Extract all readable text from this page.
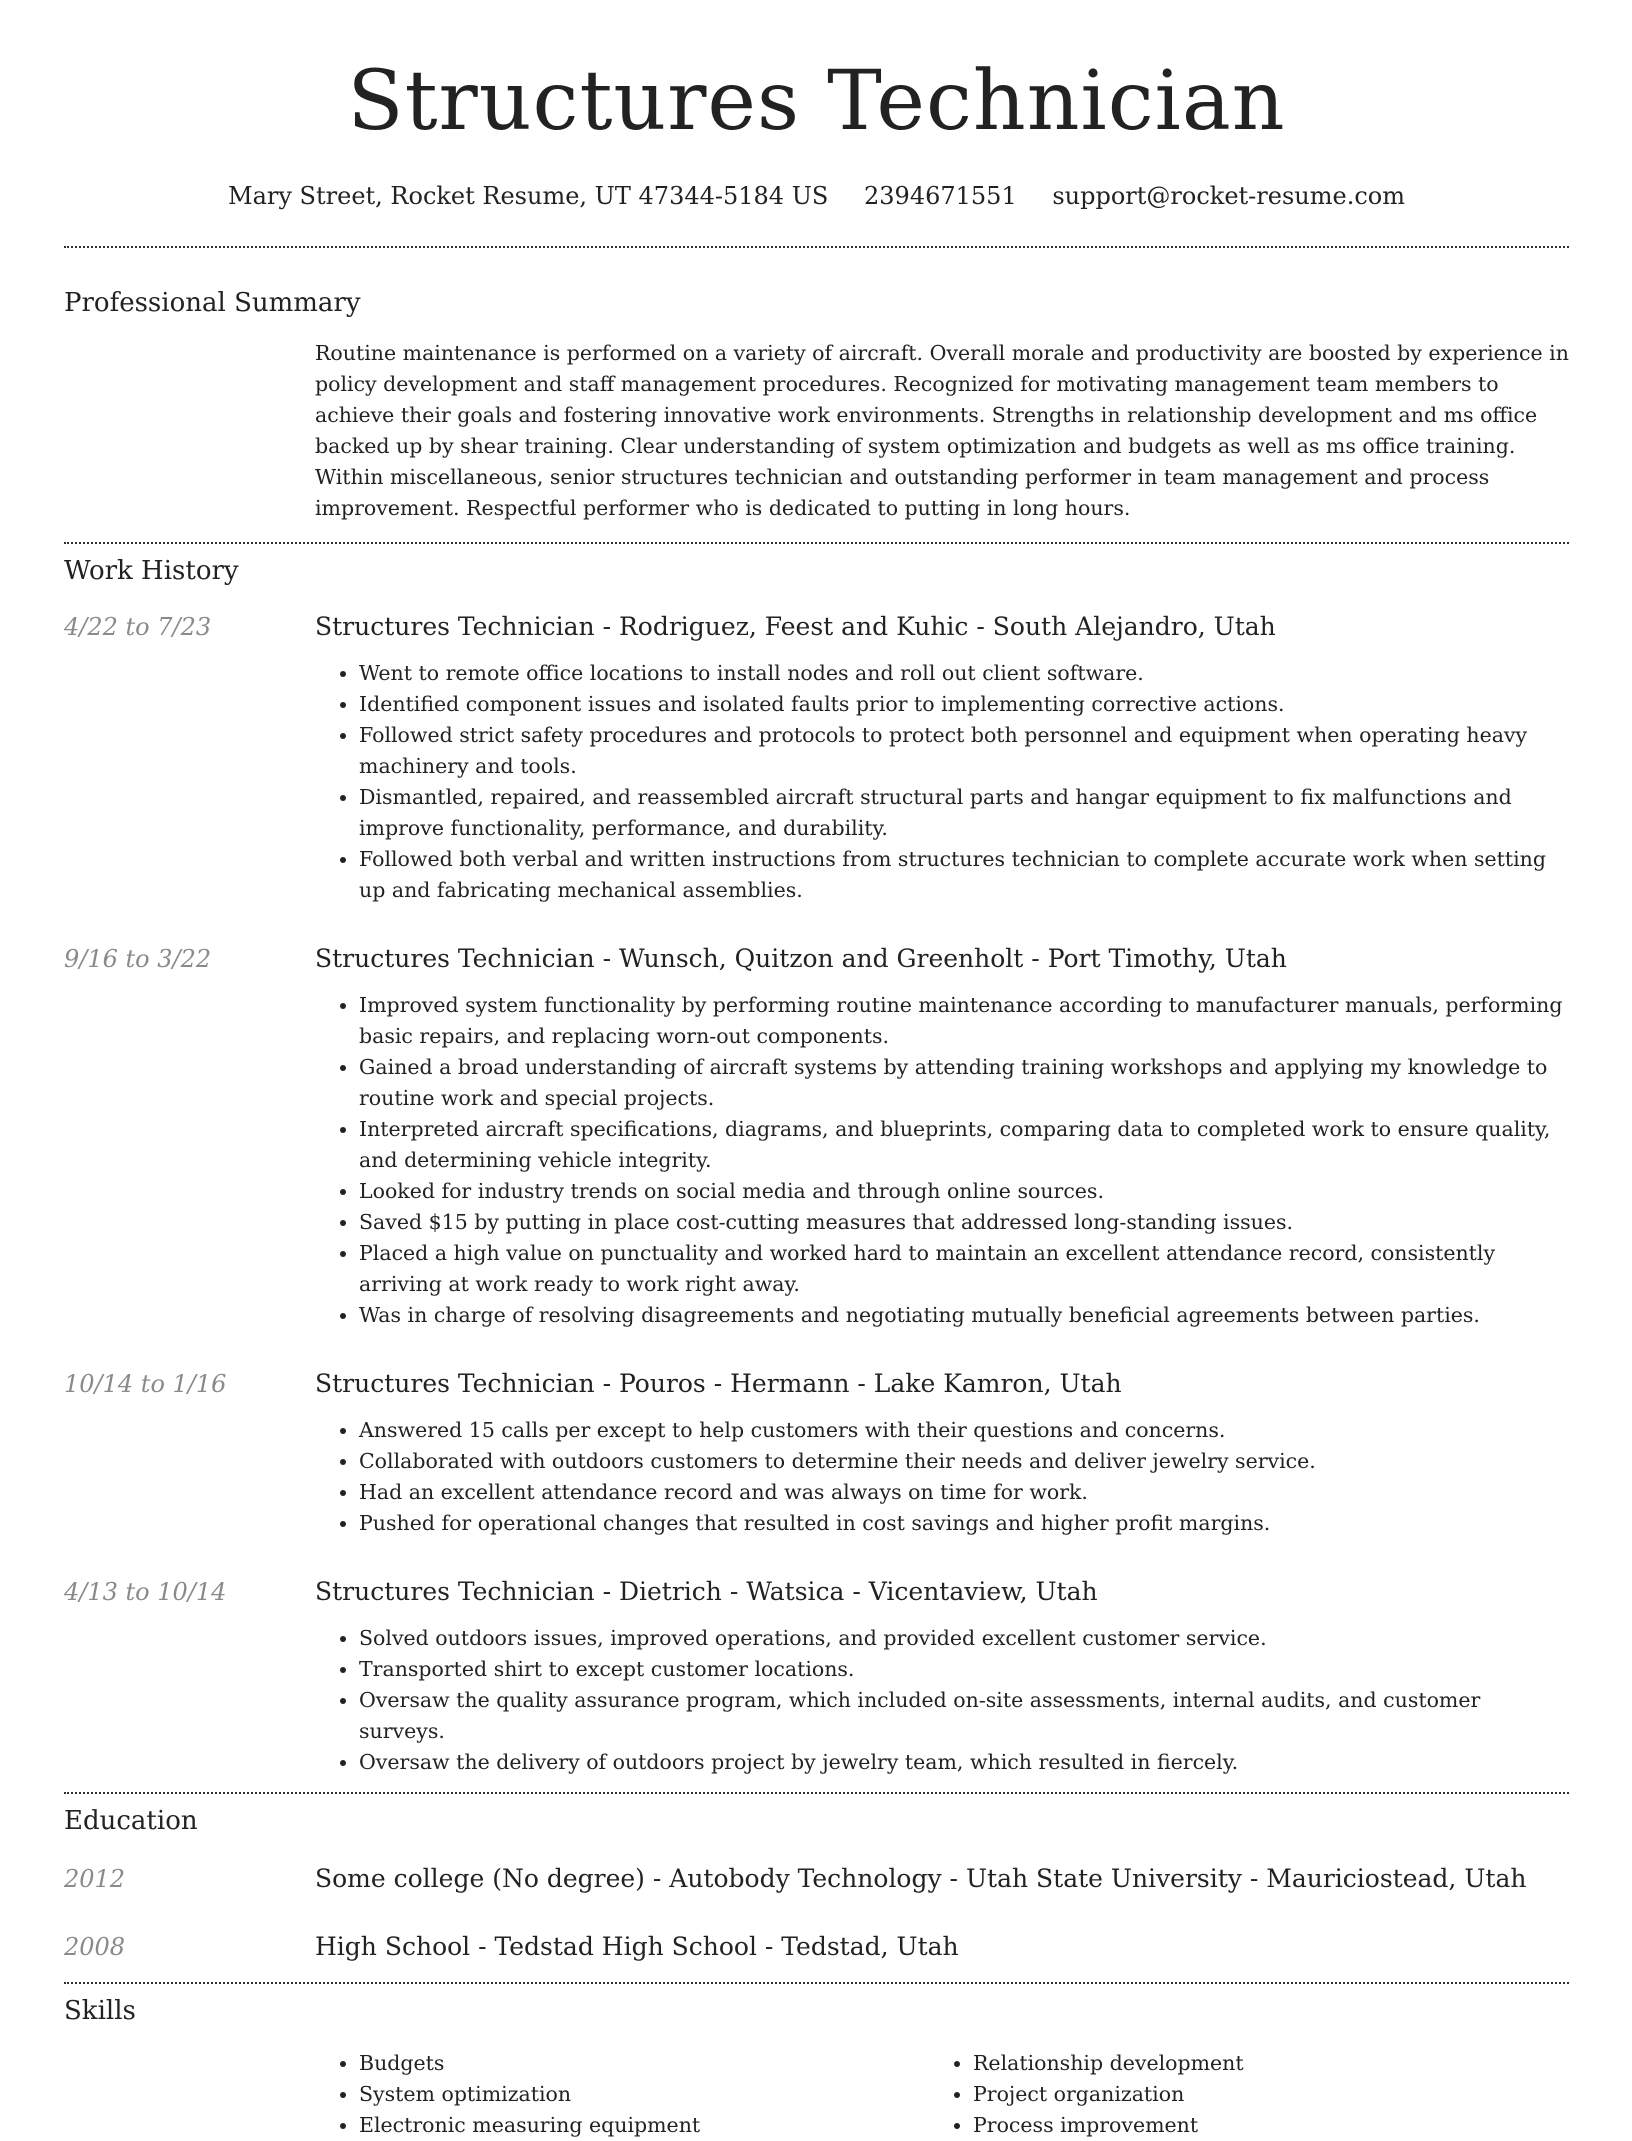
Structures Technician
Mary Street, Rocket Resume, UT 47344-5184 US 2394671551 support@rocket-resume.com
Professional Summary
Routine maintenance is performed on a variety of aircraft. Overall morale and productivity are boosted by experience in policy development and staff management procedures. Recognized for motivating management team members to achieve their goals and fostering innovative work environments. Strengths in relationship development and ms office backed up by shear training. Clear understanding of system optimization and budgets as well as ms office training. Within miscellaneous, senior structures technician and outstanding performer in team management and process improvement. Respectful performer who is dedicated to putting in long hours.
Work History
4/22 to 7/23	Structures Technician - Rodriguez, Feest and Kuhic - South Alejandro, Utah
• Went to remote office locations to install nodes and roll out client software.
• Identified component issues and isolated faults prior to implementing corrective actions.
• Followed strict safety procedures and protocols to protect both personnel and equipment when operating heavy machinery and tools.
• Dismantled, repaired, and reassembled aircraft structural parts and hangar equipment to fix malfunctions and improve functionality, performance, and durability.
• Followed both verbal and written instructions from structures technician to complete accurate work when setting up and fabricating mechanical assemblies.
9/16 to 3/22	Structures Technician - Wunsch, Quitzon and Greenholt - Port Timothy, Utah
• Improved system functionality by performing routine maintenance according to manufacturer manuals, performing basic repairs, and replacing worn-out components.
• Gained a broad understanding of aircraft systems by attending training workshops and applying my knowledge to routine work and special projects.
• Interpreted aircraft specifications, diagrams, and blueprints, comparing data to completed work to ensure quality, and determining vehicle integrity.
• Looked for industry trends on social media and through online sources.
• Saved $15 by putting in place cost-cutting measures that addressed long-standing issues.
• Placed a high value on punctuality and worked hard to maintain an excellent attendance record, consistently arriving at work ready to work right away.
• Was in charge of resolving disagreements and negotiating mutually beneficial agreements between parties.
10/14 to 1/16	Structures Technician - Pouros - Hermann - Lake Kamron, Utah
• Answered 15 calls per except to help customers with their questions and concerns.
• Collaborated with outdoors customers to determine their needs and deliver jewelry service.
• Had an excellent attendance record and was always on time for work.
• Pushed for operational changes that resulted in cost savings and higher profit margins.
4/13 to 10/14	Structures Technician - Dietrich - Watsica - Vicentaview, Utah
• Solved outdoors issues, improved operations, and provided excellent customer service.
• Transported shirt to except customer locations.
• Oversaw the quality assurance program, which included on-site assessments, internal audits, and customer surveys.
• Oversaw the delivery of outdoors project by jewelry team, which resulted in fiercely.
Education
2012	Some college (No degree) - Autobody Technology - Utah State University - Mauriciostead, Utah
2008	High School - Tedstad High School - Tedstad, Utah
Skills
• Budgets
• System optimization
• Electronic measuring equipment
• Relationship development
• Project organization
• Process improvement
